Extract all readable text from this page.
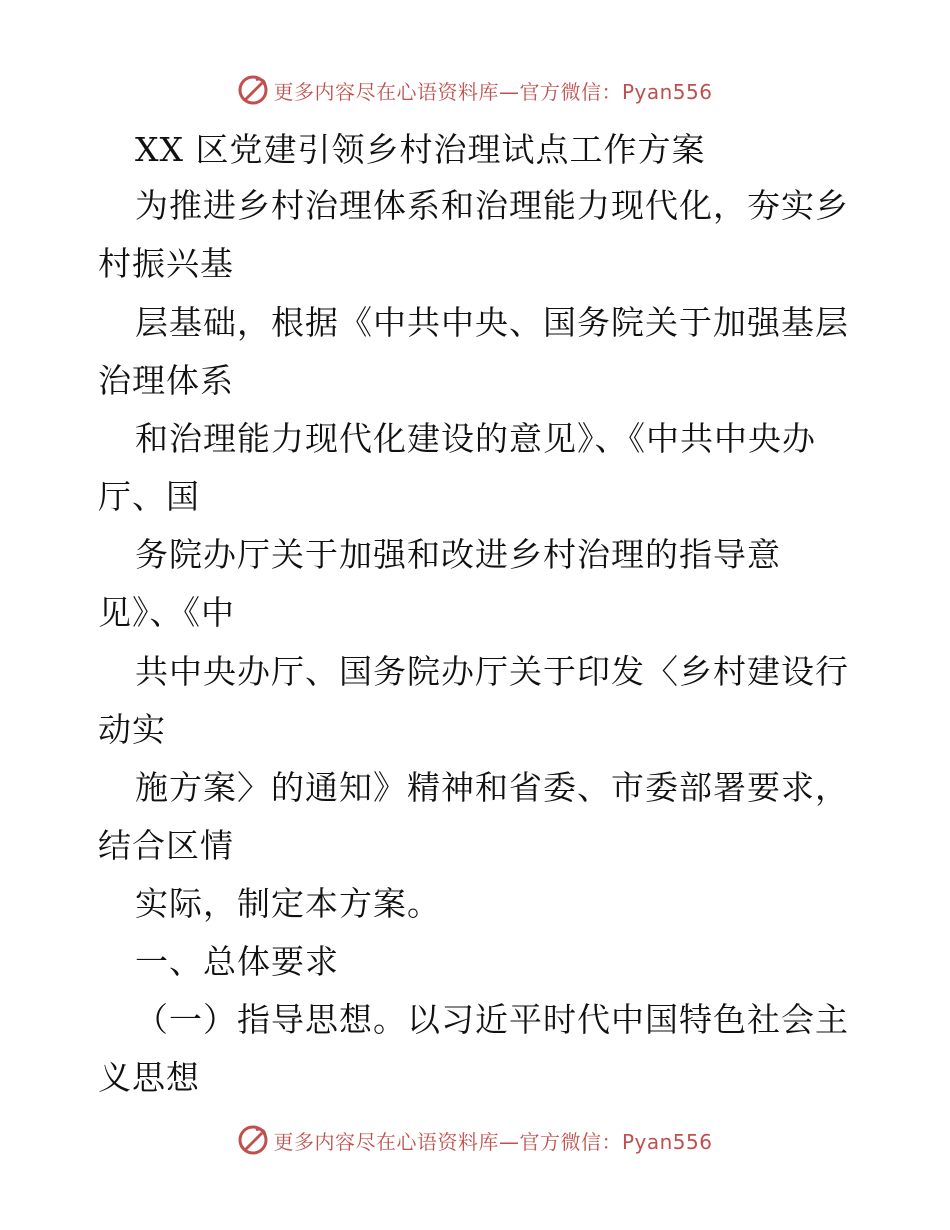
更多内容尽在心语资料库—官方微信：Pyan556
XX 区党建引领乡村治理试点工作方案
为推进乡村治理体系和治理能力现代化，夯实乡
村振兴基
层基础，根据《中共中央、国务院关于加强基层
治理体系
和治理能力现代化建设的意见》、《中共中央办
厅、国
务院办厅关于加强和改进乡村治理的指导意
见》、《中
共中央办厅、国务院办厅关于印发〈乡村建设行
动实
施方案〉的通知》精神和省委、市委部署要求，
结合区情
实际，制定本方案。
一、总体要求
（一）指导思想。以习近平时代中国特色社会主
义思想
更多内容尽在心语资料库—官方微信：Pyan556
